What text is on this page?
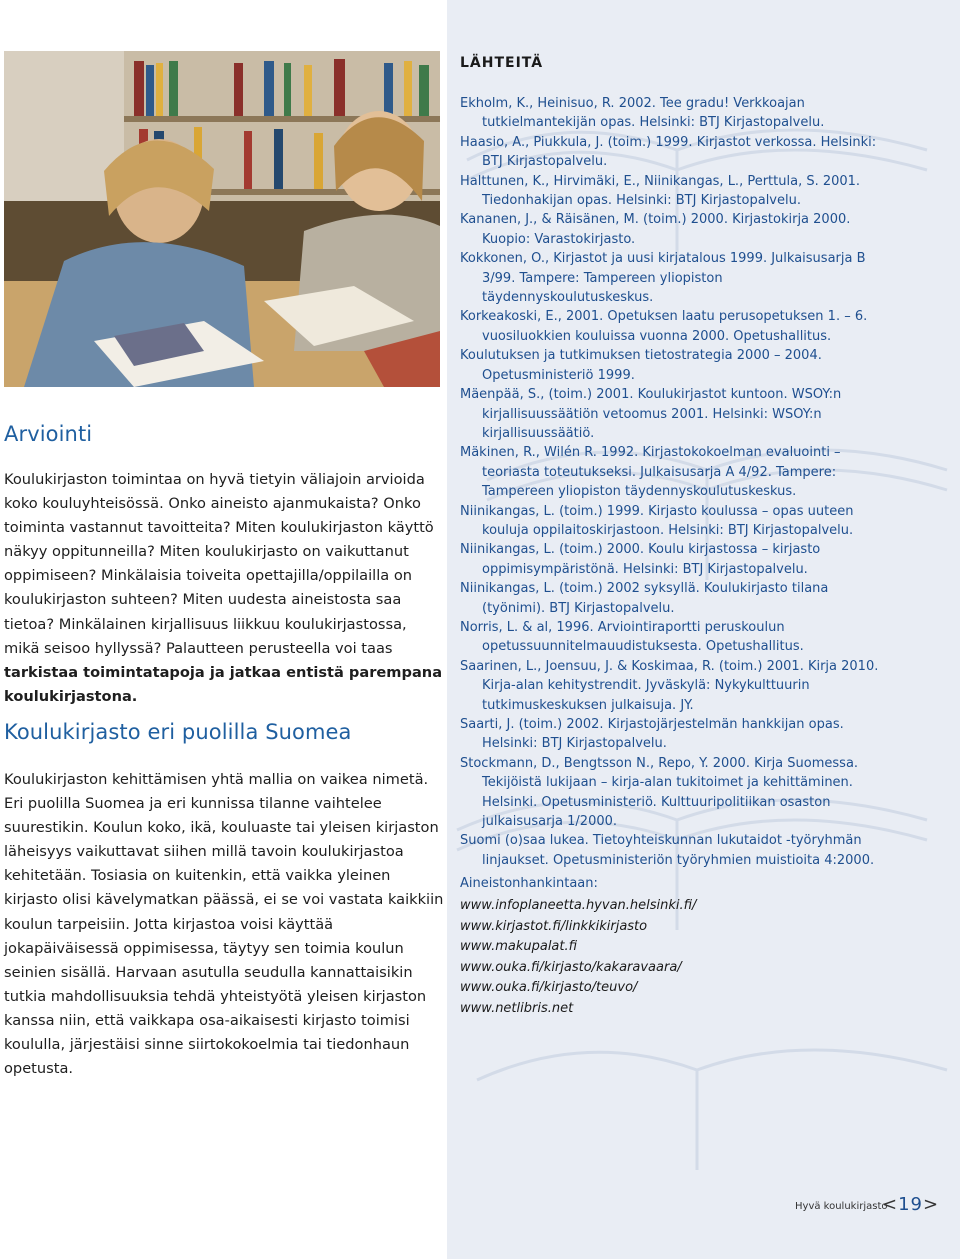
Arviointi

Koulukirjaston toimintaa on hyvä tietyin väliajoin arvioida koko kouluyhteisössä. Onko aineisto ajanmukaista? Onko toiminta vastannut tavoitteita? Miten koulukirjaston käyttö näkyy oppitunneilla? Miten koulukirjasto on vaikuttanut oppimiseen? Minkälaisia toiveita opettajilla/oppilailla on koulukirjaston suhteen? Miten uudesta aineistosta saa tietoa? Minkälainen kirjallisuus liikkuu koulukirjastossa, mikä seisoo hyllyssä? Palautteen perusteella voi taas tarkistaa toimintatapoja ja jatkaa entistä parempana koulukirjastona.

Koulukirjasto eri puolilla Suomea

Koulukirjaston kehittämisen yhtä mallia on vaikea nimetä. Eri puolilla Suomea ja eri kunnissa tilanne vaihtelee suurestikin. Koulun koko, ikä, kouluaste tai yleisen kirjaston läheisyys vaikuttavat siihen millä tavoin koulukirjastoa kehitetään. Tosiasia on kuitenkin, että vaikka yleinen kirjasto olisi kävelymatkan päässä, ei se voi vastata kaikkiin koulun tarpeisiin. Jotta kirjastoa voisi käyttää jokapäiväisessä oppimisessa, täytyy sen toimia koulun seinien sisällä. Harvaan asutulla seudulla kannattaisikin tutkia mahdollisuuksia tehdä yhteistyötä yleisen kirjaston kanssa niin, että vaikkapa osa-aikaisesti kirjasto toimisi koululla, järjestäisi sinne siirtokokoelmia tai tiedonhaun opetusta.

LÄHTEITÄ
Ekholm, K., Heinisuo, R. 2002. Tee gradu! Verkkoajan tutkielmantekijän opas. Helsinki: BTJ Kirjastopalvelu.
Haasio, A., Piukkula, J. (toim.) 1999. Kirjastot verkossa. Helsinki: BTJ Kirjastopalvelu.
Halttunen, K., Hirvimäki, E., Niinikangas, L., Perttula, S. 2001. Tiedonhakijan opas. Helsinki: BTJ Kirjastopalvelu.
Kananen, J., & Räisänen, M. (toim.) 2000. Kirjastokirja 2000. Kuopio: Varastokirjasto.
Kokkonen, O., Kirjastot ja uusi kirjatalous 1999. Julkaisusarja B 3/99. Tampere: Tampereen yliopiston täydennyskoulutuskeskus.
Korkeakoski, E., 2001. Opetuksen laatu perusopetuksen 1. – 6. vuosiluokkien kouluissa vuonna 2000. Opetushallitus.
Koulutuksen ja tutkimuksen tietostrategia 2000 – 2004. Opetusministeriö 1999.
Mäenpää, S., (toim.) 2001. Koulukirjastot kuntoon. WSOY:n kirjallisuussäätiön vetoomus 2001. Helsinki: WSOY:n kirjallisuussäätiö.
Mäkinen, R., Wilén R. 1992. Kirjastokokoelman evaluointi – teoriasta toteutukseksi. Julkaisusarja A 4/92. Tampere: Tampereen yliopiston täydennyskoulutuskeskus.
Niinikangas, L. (toim.) 1999. Kirjasto koulussa – opas uuteen kouluja oppilaitoskirjastoon. Helsinki: BTJ Kirjastopalvelu.
Niinikangas, L. (toim.) 2000. Koulu kirjastossa – kirjasto oppimisympäristönä. Helsinki: BTJ Kirjastopalvelu.
Niinikangas, L. (toim.) 2002 syksyllä. Koulukirjasto tilana (työnimi). BTJ Kirjastopalvelu.
Norris, L. & al, 1996. Arviointiraportti peruskoulun opetussuunnitelmauudistuksesta. Opetushallitus.
Saarinen, L., Joensuu, J. & Koskimaa, R. (toim.) 2001. Kirja 2010. Kirja-alan kehitystrendit. Jyväskylä: Nykykulttuurin tutkimuskeskuksen julkaisuja. JY.
Saarti, J. (toim.) 2002. Kirjastojärjestelmän hankkijan opas. Helsinki: BTJ Kirjastopalvelu.
Stockmann, D., Bengtsson N., Repo, Y. 2000. Kirja Suomessa. Tekijöistä lukijaan – kirja-alan tukitoimet ja kehittäminen. Helsinki. Opetusministeriö. Kulttuuripolitiikan osaston julkaisusarja 1/2000.
Suomi (o)saa lukea. Tietoyhteiskunnan lukutaidot -työryhmän linjaukset. Opetusministeriön työryhmien muistioita 4:2000.

Aineistonhankintaan:

www.infoplaneetta.hyvan.helsinki.fi/
www.kirjastot.fi/linkkikirjasto
www.makupalat.fi
www.ouka.fi/kirjasto/kakaravaara/
www.ouka.fi/kirjasto/teuvo/
www.netlibris.net
Hyvä koulukirjasto
<19>
